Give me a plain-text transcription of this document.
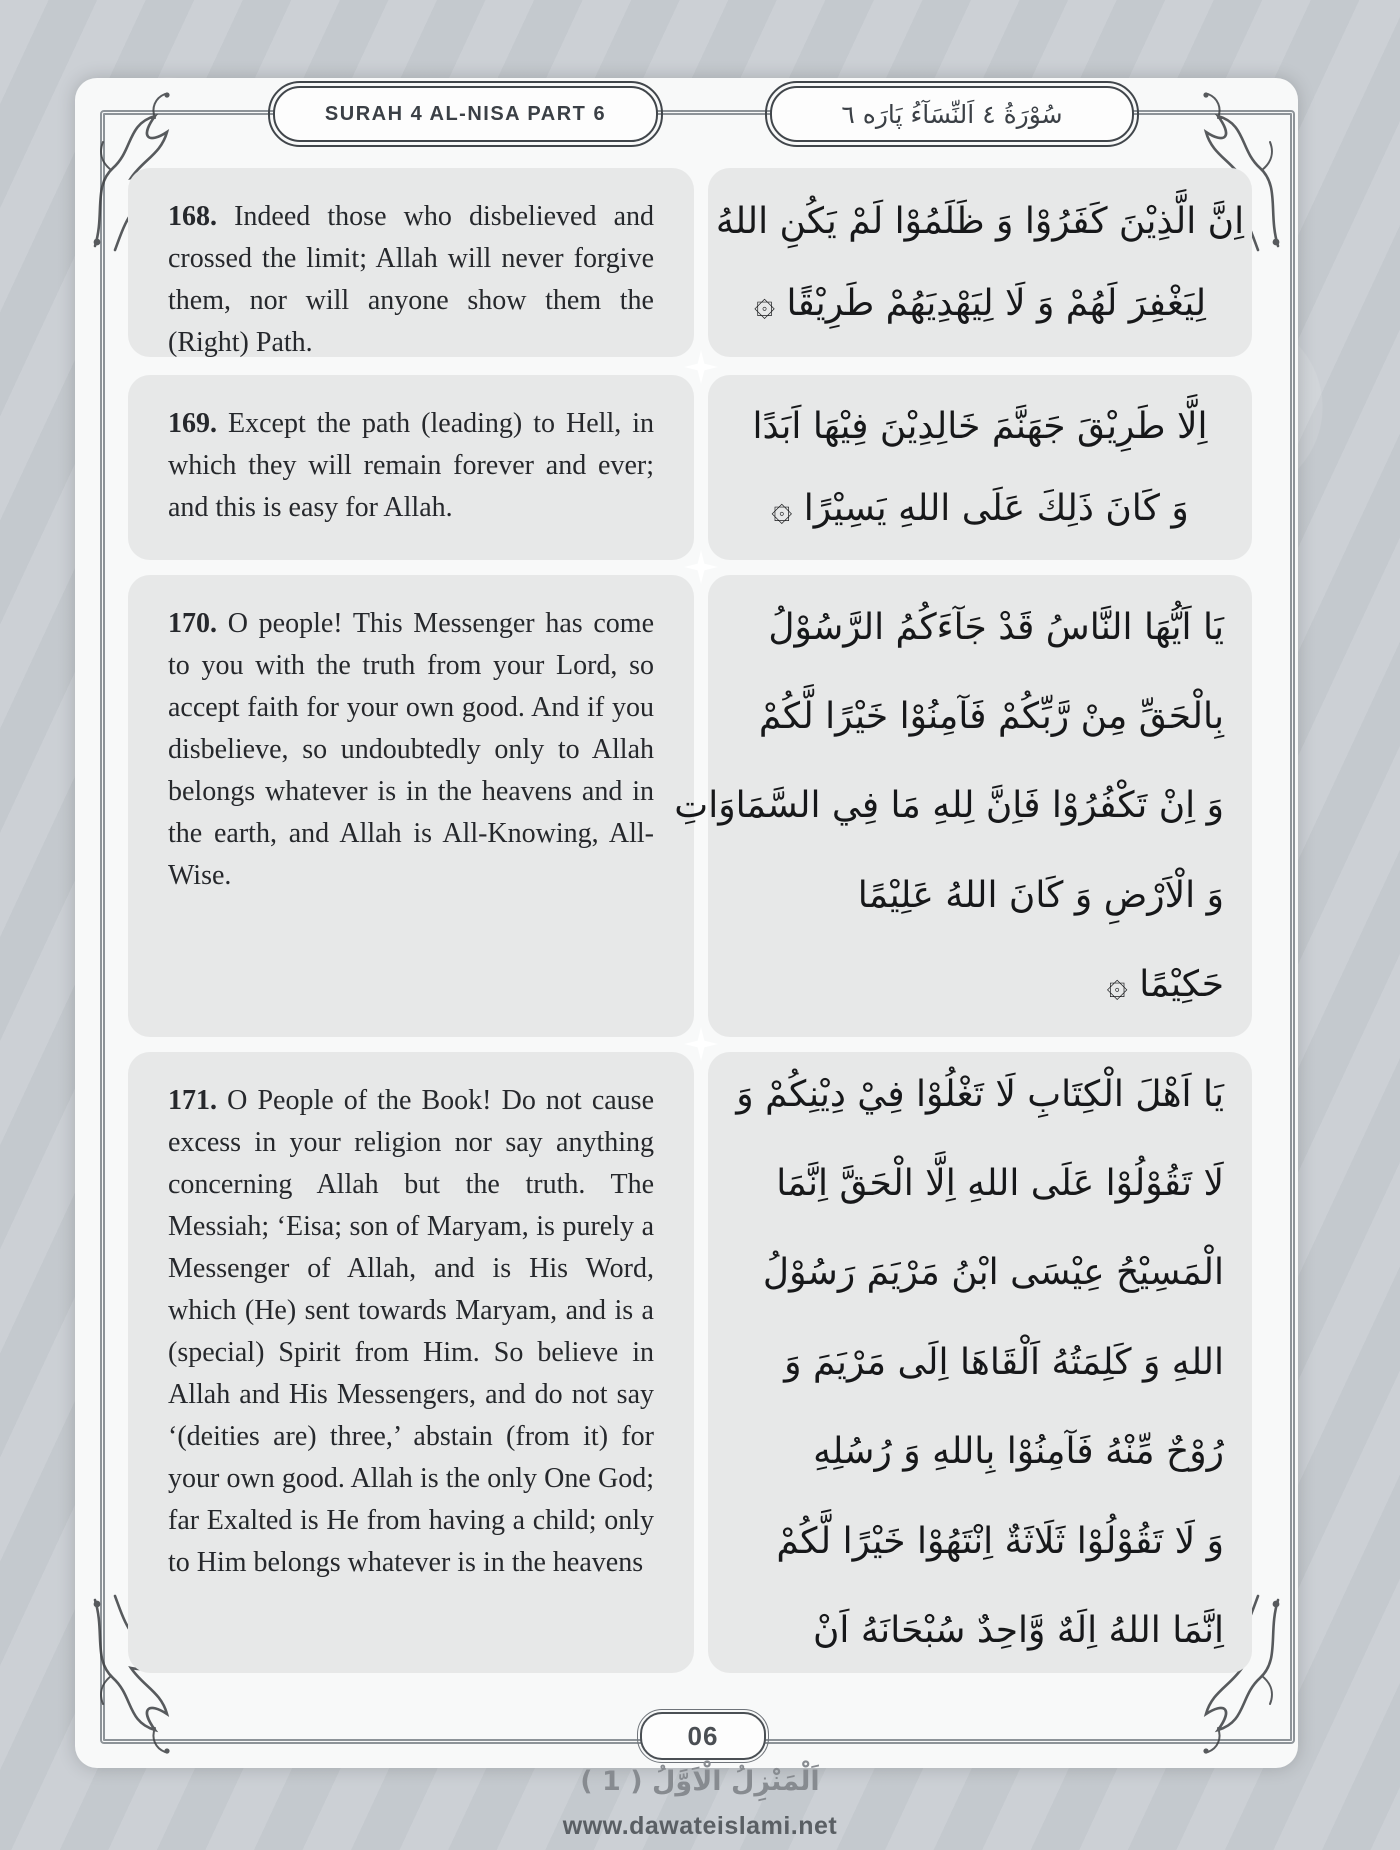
SURAH 4 AL-NISA PART 6	سُوْرَةُ ٤ اَلنِّسَآءُ پَارَه ٦
168. Indeed those who disbelieved and crossed the limit; Allah will never forgive them, nor will anyone show them the (Right) Path.
اِنَّ الَّذِيْنَ كَفَرُوْا وَ ظَلَمُوْا لَمْ يَكُنِ اللهُ
لِيَغْفِرَ لَهُمْ وَ لَا لِيَهْدِيَهُمْ طَرِيْقًا ۞
169. Except the path (leading) to Hell, in which they will remain forever and ever; and this is easy for Allah.
اِلَّا طَرِيْقَ جَهَنَّمَ خَالِدِيْنَ فِيْهَا اَبَدًا
وَ كَانَ ذَلِكَ عَلَى اللهِ يَسِيْرًا ۞
170. O people! This Messenger has come to you with the truth from your Lord, so accept faith for your own good. And if you disbelieve, so undoubtedly only to Allah belongs whatever is in the heavens and in the earth, and Allah is All-Knowing, All-Wise.
يَا اَيُّهَا النَّاسُ قَدْ جَآءَكُمُ الرَّسُوْلُ
بِالْحَقِّ مِنْ رَّبِّكُمْ فَآمِنُوْا خَيْرًا لَّكُمْ
وَ اِنْ تَكْفُرُوْا فَاِنَّ لِلهِ مَا فِي السَّمَاوَاتِ
وَ الْاَرْضِ وَ كَانَ اللهُ عَلِيْمًا
حَكِيْمًا ۞
171. O People of the Book! Do not cause excess in your religion nor say anything concerning Allah but the truth. The Messiah; ‘Eisa; son of Maryam, is purely a Messenger of Allah, and is His Word, which (He) sent towards Maryam, and is a (special) Spirit from Him. So believe in Allah and His Messengers, and do not say ‘(deities are) three,’ abstain (from it) for your own good. Allah is the only One God; far Exalted is He from having a child; only to Him belongs whatever is in the heavens
يَا اَهْلَ الْكِتَابِ لَا تَغْلُوْا فِيْ دِيْنِكُمْ وَ
لَا تَقُوْلُوْا عَلَى اللهِ اِلَّا الْحَقَّ اِنَّمَا
الْمَسِيْحُ عِيْسَى ابْنُ مَرْيَمَ رَسُوْلُ
اللهِ وَ كَلِمَتُهُ اَلْقَاهَا اِلَى مَرْيَمَ وَ
رُوْحٌ مِّنْهُ فَآمِنُوْا بِاللهِ وَ رُسُلِهِ
وَ لَا تَقُوْلُوْا ثَلَاثَةٌ اِنْتَهُوْا خَيْرًا لَّكُمْ
اِنَّمَا اللهُ اِلَهٌ وَّاحِدٌ سُبْحَانَهُ اَنْ
06
اَلْمَنْزِلُ الْاَوَّلُ ( 1 )
www.dawateislami.net
